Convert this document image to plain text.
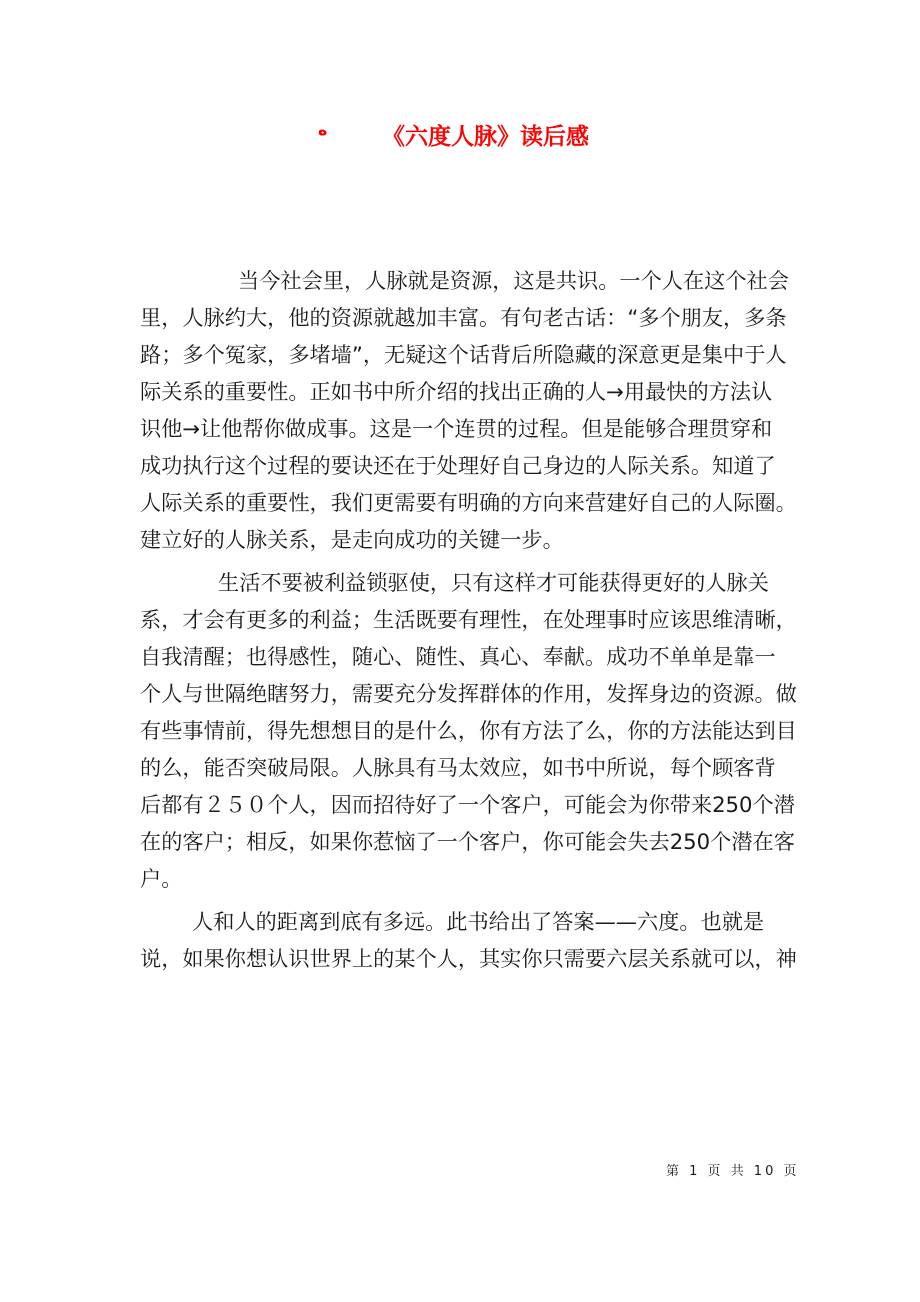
ه 《六度人脉》读后感
当今社会里，人脉就是资源，这是共识。一个人在这个社会
里，人脉约大，他的资源就越加丰富。有句老古话：“多个朋友，多条
路；多个冤家，多堵墙”，无疑这个话背后所隐藏的深意更是集中于人
际关系的重要性。正如书中所介绍的找出正确的人→用最快的方法认
识他→让他帮你做成事。这是一个连贯的过程。但是能够合理贯穿和
成功执行这个过程的要诀还在于处理好自己身边的人际关系。知道了
人际关系的重要性，我们更需要有明确的方向来营建好自己的人际圈。
建立好的人脉关系，是走向成功的关键一步。
生活不要被利益锁驱使，只有这样才可能获得更好的人脉关
系，才会有更多的利益；生活既要有理性，在处理事时应该思维清晰，
自我清醒；也得感性，随心、随性、真心、奉献。成功不单单是靠一
个人与世隔绝瞎努力，需要充分发挥群体的作用，发挥身边的资源。做
有些事情前，得先想想目的是什么，你有方法了么，你的方法能达到目
的么，能否突破局限。人脉具有马太效应，如书中所说，每个顾客背
后都有２５０个人，因而招待好了一个客户，可能会为你带来250个潜
在的客户；相反，如果你惹恼了一个客户，你可能会失去250个潜在客
户。
人和人的距离到底有多远。此书给出了答案——六度。也就是
说，如果你想认识世界上的某个人，其实你只需要六层关系就可以，神
第 1 页 共 10 页
